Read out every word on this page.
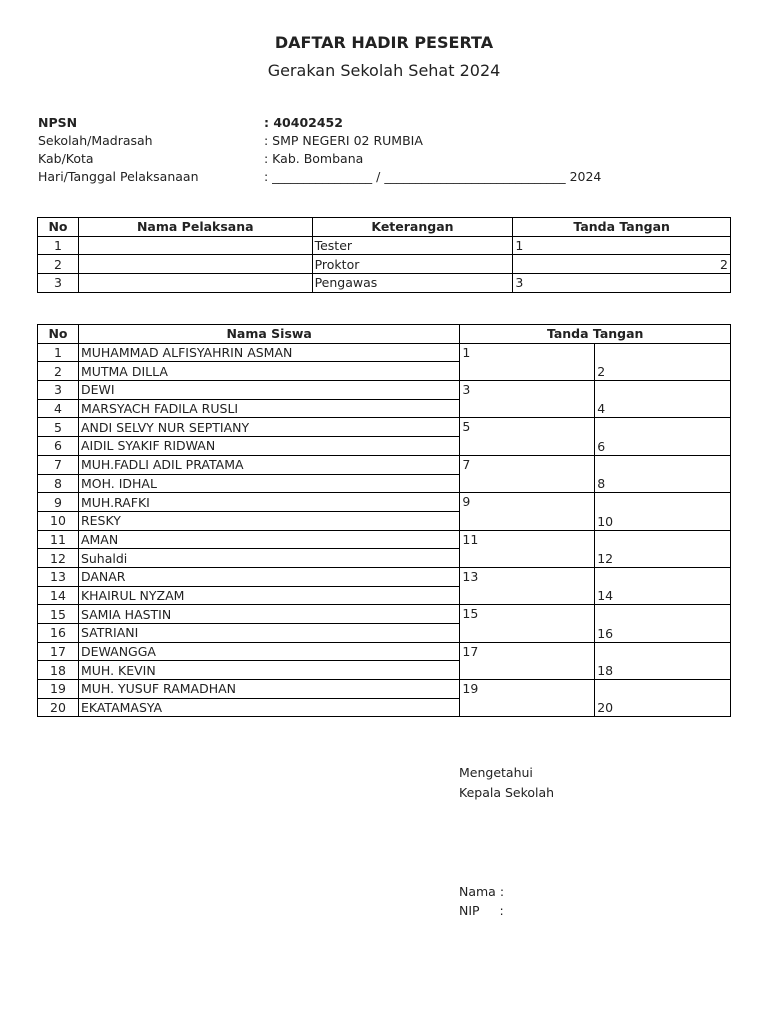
DAFTAR HADIR PESERTA
Gerakan Sekolah Sehat 2024
NPSN	: 40402452
Sekolah/Madrasah	: SMP NEGERI 02 RUMBIA
Kab/Kota	: Kab. Bombana
Hari/Tanggal Pelaksanaan	: ________________ / _____________________________ 2024
No	Nama Pelaksana	Keterangan	Tanda Tangan
1		Tester	1
2		Proktor	2
3		Pengawas	3
No	Nama Siswa	Tanda Tangan	
1	MUHAMMAD ALFISYAHRIN ASMAN	1	2
2	MUTMA DILLA		
3	DEWI	3	4
4	MARSYACH FADILA RUSLI		
5	ANDI SELVY NUR SEPTIANY	5	6
6	AIDIL SYAKIF RIDWAN		
7	MUH.FADLI ADIL PRATAMA	7	8
8	MOH. IDHAL		
9	MUH.RAFKI	9	10
10	RESKY		
11	AMAN	11	12
12	Suhaldi		
13	DANAR	13	14
14	KHAIRUL NYZAM		
15	SAMIA HASTIN	15	16
16	SATRIANI		
17	DEWANGGA	17	18
18	MUH. KEVIN		
19	MUH. YUSUF RAMADHAN	19	20
20	EKATAMASYA		
Mengetahui
Kepala Sekolah
Nama :
NIP     :
